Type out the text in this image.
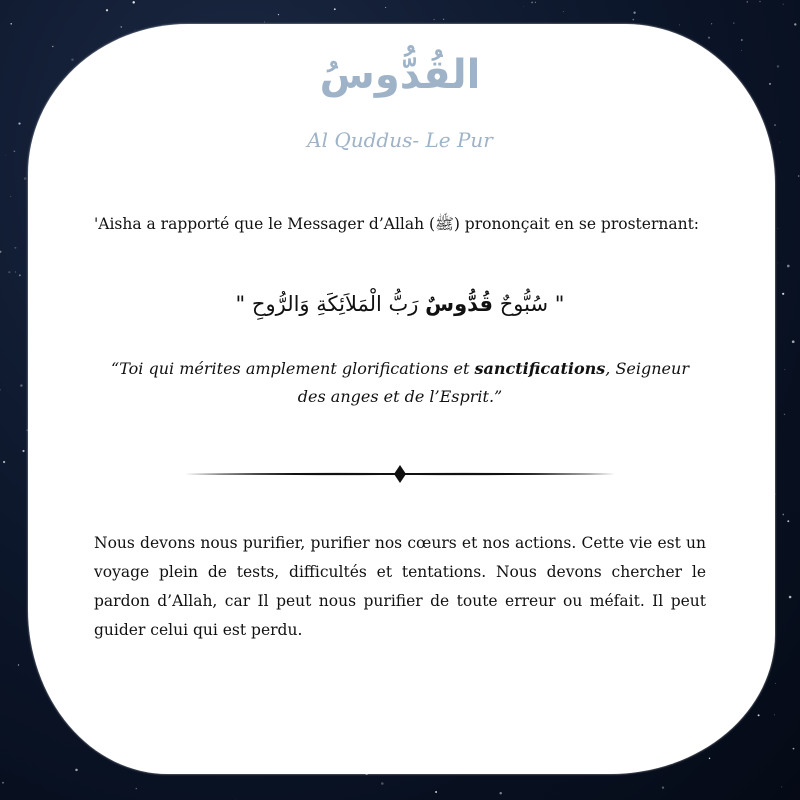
القُدُّوسُ
Al Quddus- Le Pur
'Aisha a rapporté que le Messager d’Allah (ﷺ) prononçait en se prosternant:
" سُبُّوحٌ قُدُّوسٌ رَبُّ الْمَلاَئِكَةِ وَالرُّوحِ "
“Toi qui mérites amplement glorifications et sanctifications, Seigneur des anges et de l’Esprit.”
Nous devons nous purifier, purifier nos cœurs et nos actions. Cette vie est un voyage plein de tests, difficultés et tentations. Nous devons chercher le pardon d’Allah, car Il peut nous purifier de toute erreur ou méfait. Il peut guider celui qui est perdu.
